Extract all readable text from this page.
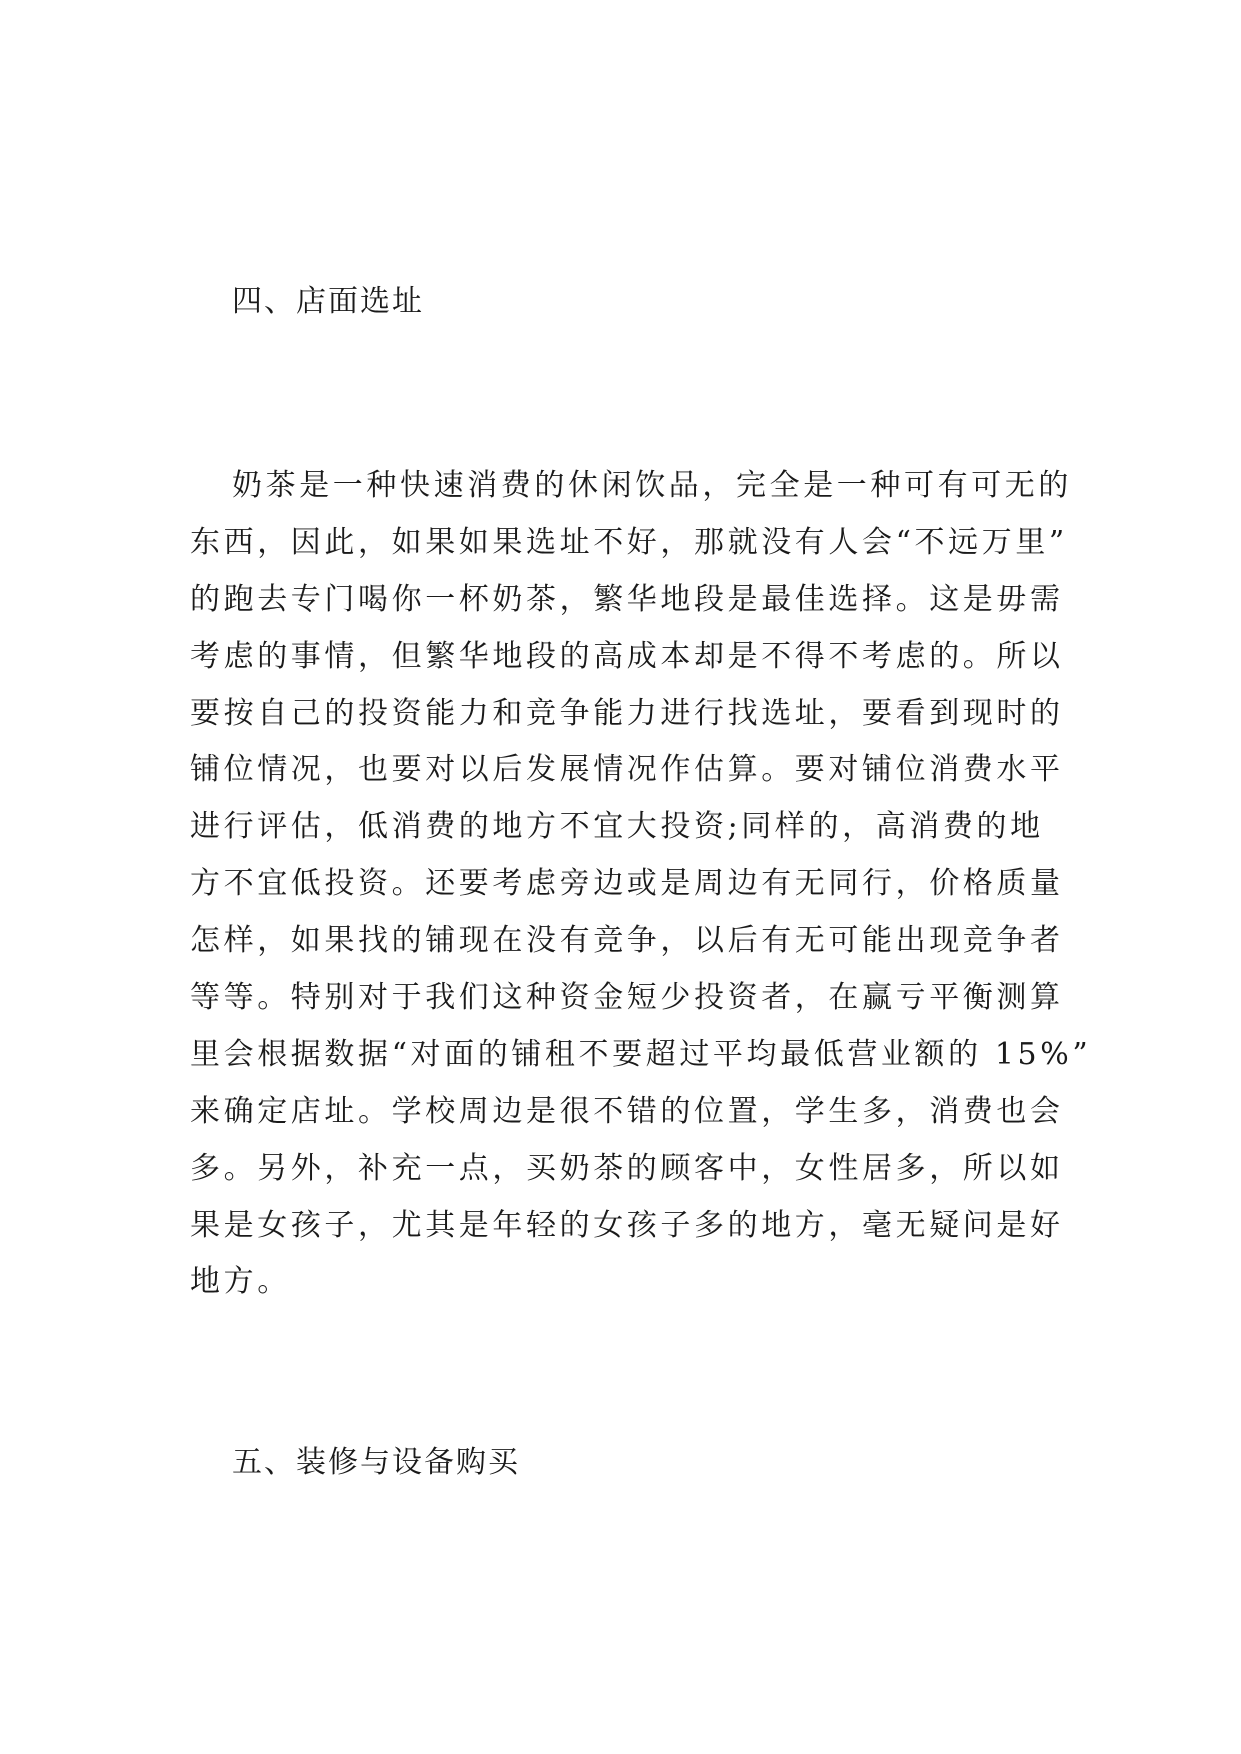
四、店面选址
奶茶是一种快速消费的休闲饮品，完全是一种可有可无的
东西，因此，如果如果选址不好，那就没有人会“不远万里”
的跑去专门喝你一杯奶茶，繁华地段是最佳选择。这是毋需
考虑的事情，但繁华地段的高成本却是不得不考虑的。所以
要按自己的投资能力和竞争能力进行找选址，要看到现时的
铺位情况，也要对以后发展情况作估算。要对铺位消费水平
进行评估，低消费的地方不宜大投资;同样的，高消费的地
方不宜低投资。还要考虑旁边或是周边有无同行，价格质量
怎样，如果找的铺现在没有竞争，以后有无可能出现竞争者
等等。特别对于我们这种资金短少投资者，在赢亏平衡测算
里会根据数据“对面的铺租不要超过平均最低营业额的 15%”
来确定店址。学校周边是很不错的位置，学生多，消费也会
多。另外，补充一点，买奶茶的顾客中，女性居多，所以如
果是女孩子，尤其是年轻的女孩子多的地方，毫无疑问是好
地方。
五、装修与设备购买
